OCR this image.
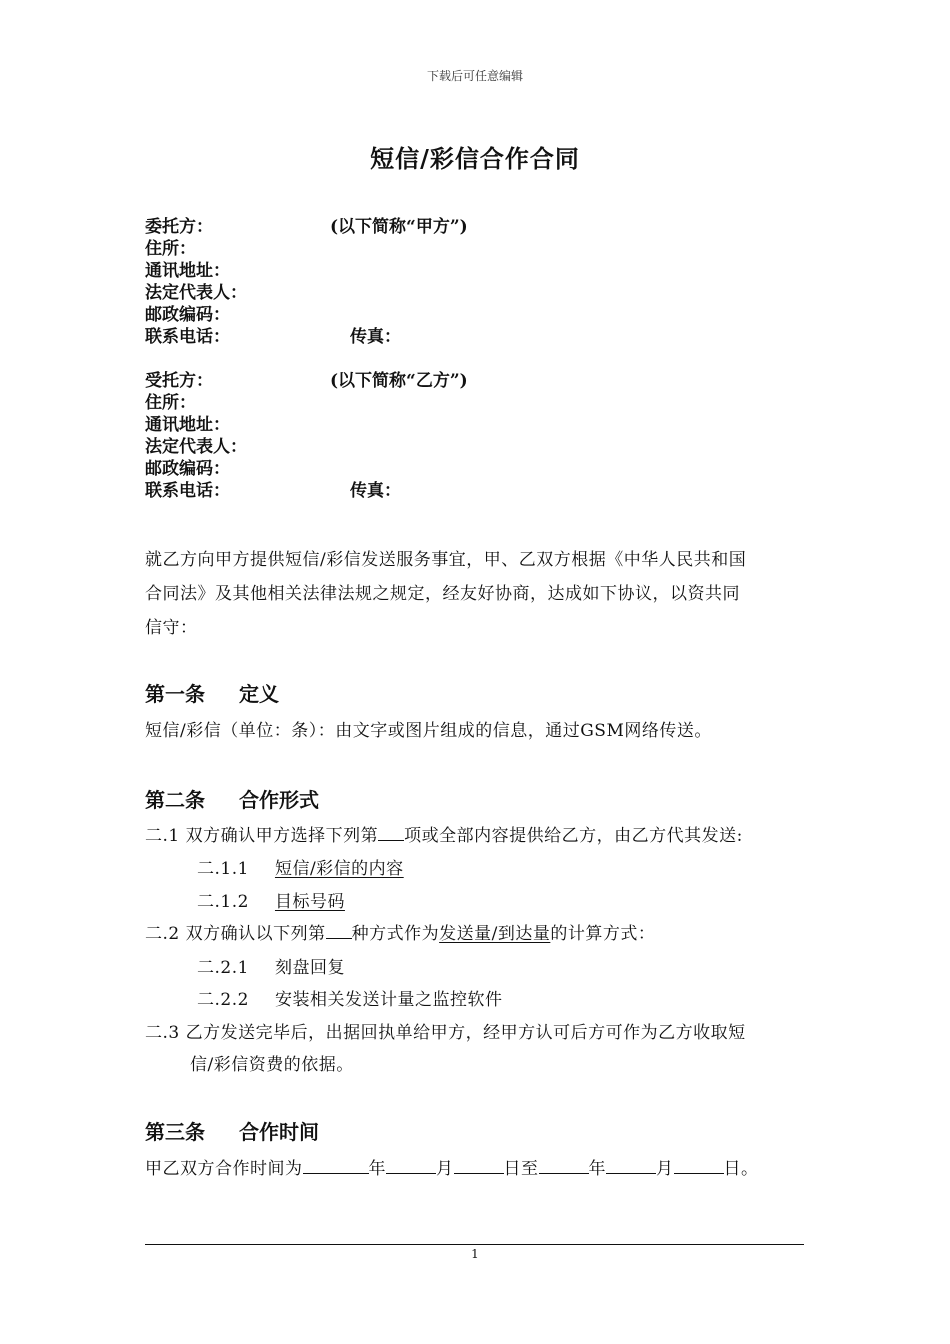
下载后可任意编辑
短信/彩信合作合同
委托方：	(以下简称“甲方”)
住所：
通讯地址：
法定代表人：
邮政编码：
联系电话：	传真：
受托方：	(以下简称“乙方”)
住所：
通讯地址：
法定代表人：
邮政编码：
联系电话：	传真：
就乙方向甲方提供短信/彩信发送服务事宜，甲、乙双方根据《中华人民共和国
合同法》及其他相关法律法规之规定，经友好协商，达成如下协议，以资共同
信守：
第一条 定义
短信/彩信（单位：条）：由文字或图片组成的信息，通过GSM网络传送。
第二条 合作形式
二.1 双方确认甲方选择下列第 项或全部内容提供给乙方，由乙方代其发送:
二.1.1 短信/彩信的内容
二.1.2 目标号码
二.2 双方确认以下列第 种方式作为发送量/到达量的计算方式：
二.2.1 刻盘回复
二.2.2 安装相关发送计量之监控软件
二.3 乙方发送完毕后，出据回执单给甲方，经甲方认可后方可作为乙方收取短
信/彩信资费的依据。
第三条 合作时间
甲乙双方合作时间为	年	月	日至	年	月	日。
1
